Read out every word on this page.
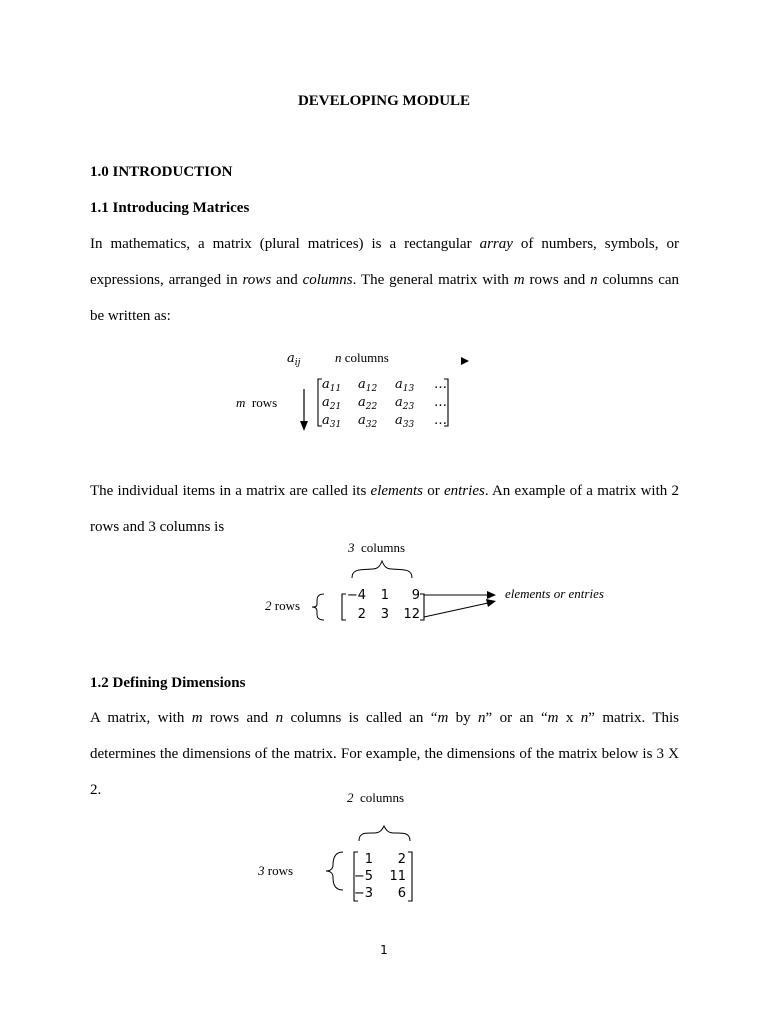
DEVELOPING MODULE
1.0 INTRODUCTION
1.1 Introducing Matrices

In mathematics, a matrix (plural matrices) is a rectangular array of numbers, symbols, or

expressions, arranged in rows and columns. The general matrix with m rows and n columns can

be written as:

$a_{ij}$	n columns
m rows
$a_{11}$ $a_{12}$ $a_{13}$ …
$a_{21}$ $a_{22}$ $a_{23}$ …
$a_{31}$ $a_{32}$ $a_{33}$ …

The individual items in a matrix are called its elements or entries. An example of a matrix with 2

rows and 3 columns is

3 columns
2 rows
elements or entries
−4	1	9
2	3	12
1.2 Defining Dimensions

A matrix, with m rows and n columns is called an “m by n” or an “m x n” matrix. This

determines the dimensions of the matrix. For example, the dimensions of the matrix below is 3 X

2.	2 columns
3 rows
1	2
−5	11
−3	6
1
